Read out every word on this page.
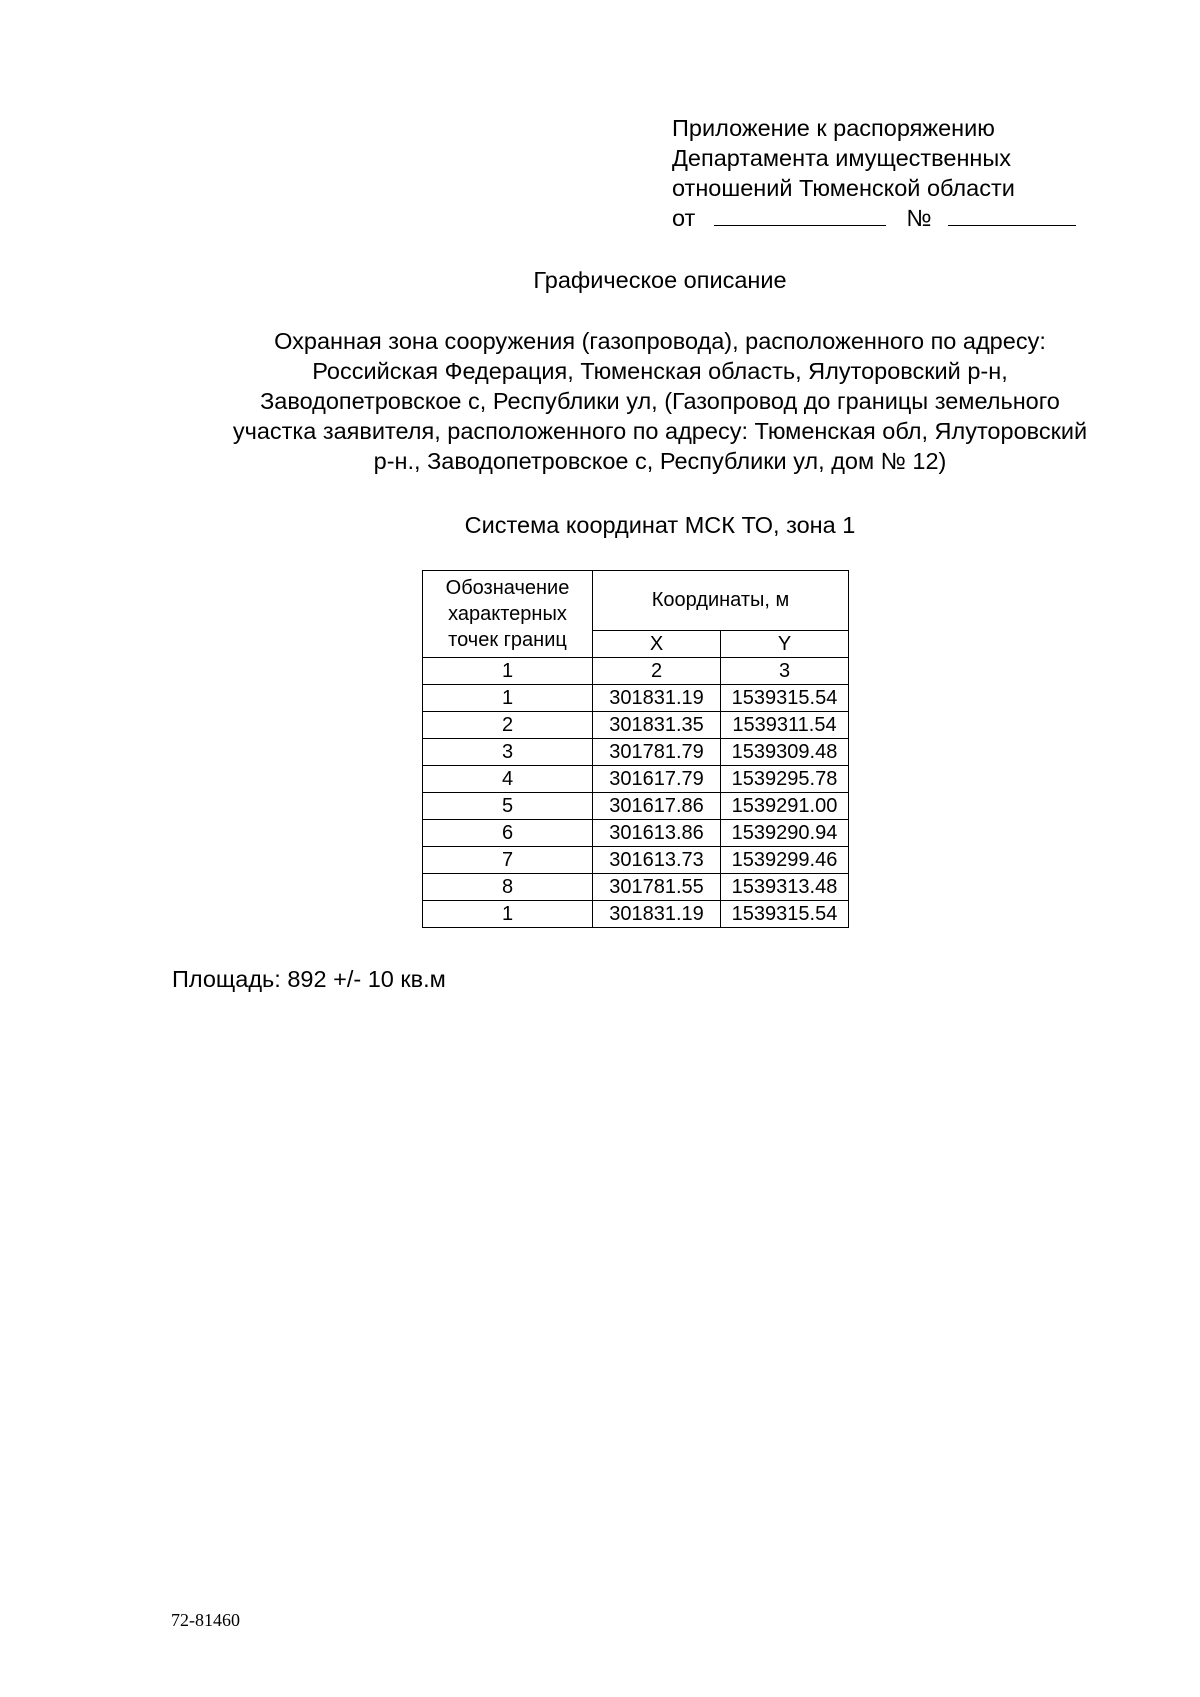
Приложение к распоряжению
Департамента имущественных
отношений Тюменской области
от	№
Графическое описание
Охранная зона сооружения (газопровода), расположенного по адресу:
Российская Федерация, Тюменская область, Ялуторовский р-н,
Заводопетровское с, Республики ул, (Газопровод до границы земельного
участка заявителя, расположенного по адресу: Тюменская обл, Ялуторовский
р-н., Заводопетровское с, Республики ул, дом № 12)
Система координат МСК ТО, зона 1
Обозначение
характерных
точек границ	Координаты, м	
	X	Y
1	2	3
1	301831.19	1539315.54
2	301831.35	1539311.54
3	301781.79	1539309.48
4	301617.79	1539295.78
5	301617.86	1539291.00
6	301613.86	1539290.94
7	301613.73	1539299.46
8	301781.55	1539313.48
1	301831.19	1539315.54
Площадь: 892 +/- 10 кв.м
72-81460
